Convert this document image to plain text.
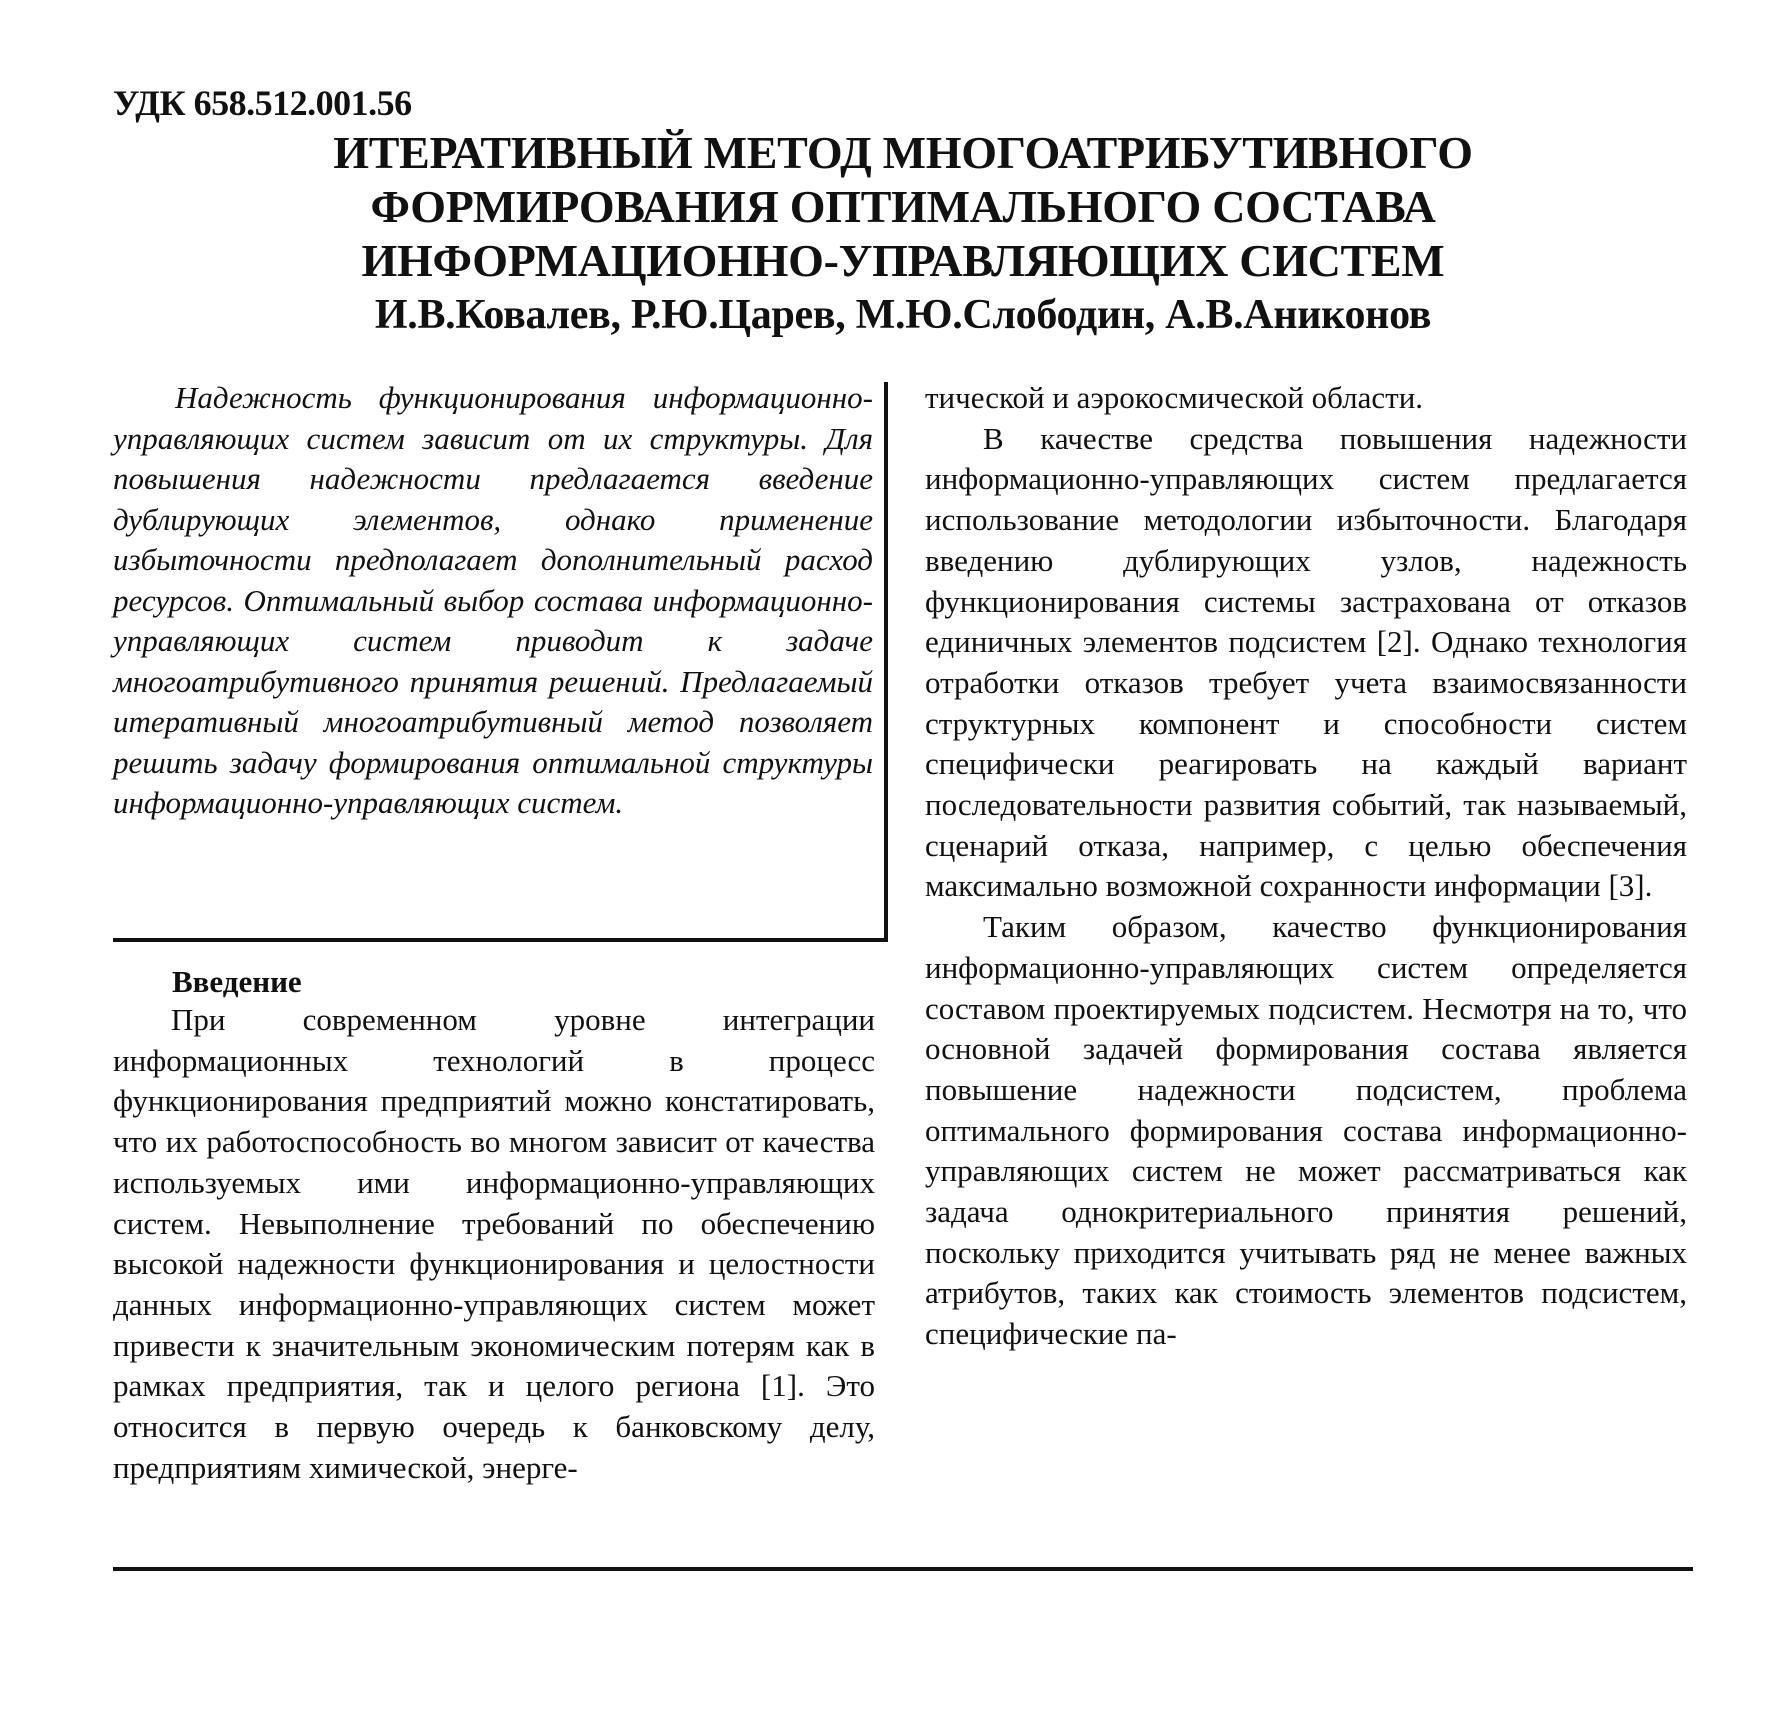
УДК 658.512.001.56
ИТЕРАТИВНЫЙ МЕТОД МНОГОАТРИБУТИВНОГО
ФОРМИРОВАНИЯ ОПТИМАЛЬНОГО СОСТАВА
ИНФОРМАЦИОННО-УПРАВЛЯЮЩИХ СИСТЕМ
И.В.Ковалев, Р.Ю.Царев, М.Ю.Слободин, А.В.Аниконов

Надежность функционирования информационно-управляющих систем зависит от их структуры. Для повышения надежности предлагается введение дублирующих элементов, однако применение избыточности предполагает дополнительный расход ресурсов. Оптимальный выбор состава информационно-управляющих систем приводит к задаче многоатрибутивного принятия решений. Предлагаемый итеративный многоатрибутивный метод позволяет решить задачу формирования оптимальной структуры информационно-управляющих систем.

Введение

При современном уровне интеграции информационных технологий в процесс функционирования предприятий можно констатировать, что их работоспособность во многом зависит от качества используемых ими информационно-управляющих систем. Невыполнение требований по обеспечению высокой надежности функционирования и целостности данных информационно-управляющих систем может привести к значительным экономическим потерям как в рамках предприятия, так и целого региона [1]. Это относится в первую очередь к банковскому делу, предприятиям химической, энерге-

тической и аэрокосмической области.

В качестве средства повышения надежности информационно-управляющих систем предлагается использование методологии избыточности. Благодаря введению дублирующих узлов, надежность функционирования системы застрахована от отказов единичных элементов подсистем [2]. Однако технология отработки отказов требует учета взаимосвязанности структурных компонент и способности систем специфически реагировать на каждый вариант последовательности развития событий, так называемый, сценарий отказа, например, с целью обеспечения максимально возможной сохранности информации [3].

Таким образом, качество функционирования информационно-управляющих систем определяется составом проектируемых подсистем. Несмотря на то, что основной задачей формирования состава является повышение надежности подсистем, проблема оптимального формирования состава информационно-управляющих систем не может рассматриваться как задача однокритериального принятия решений, поскольку приходится учитывать ряд не менее важных атрибутов, таких как стоимость элементов подсистем, специфические па-
